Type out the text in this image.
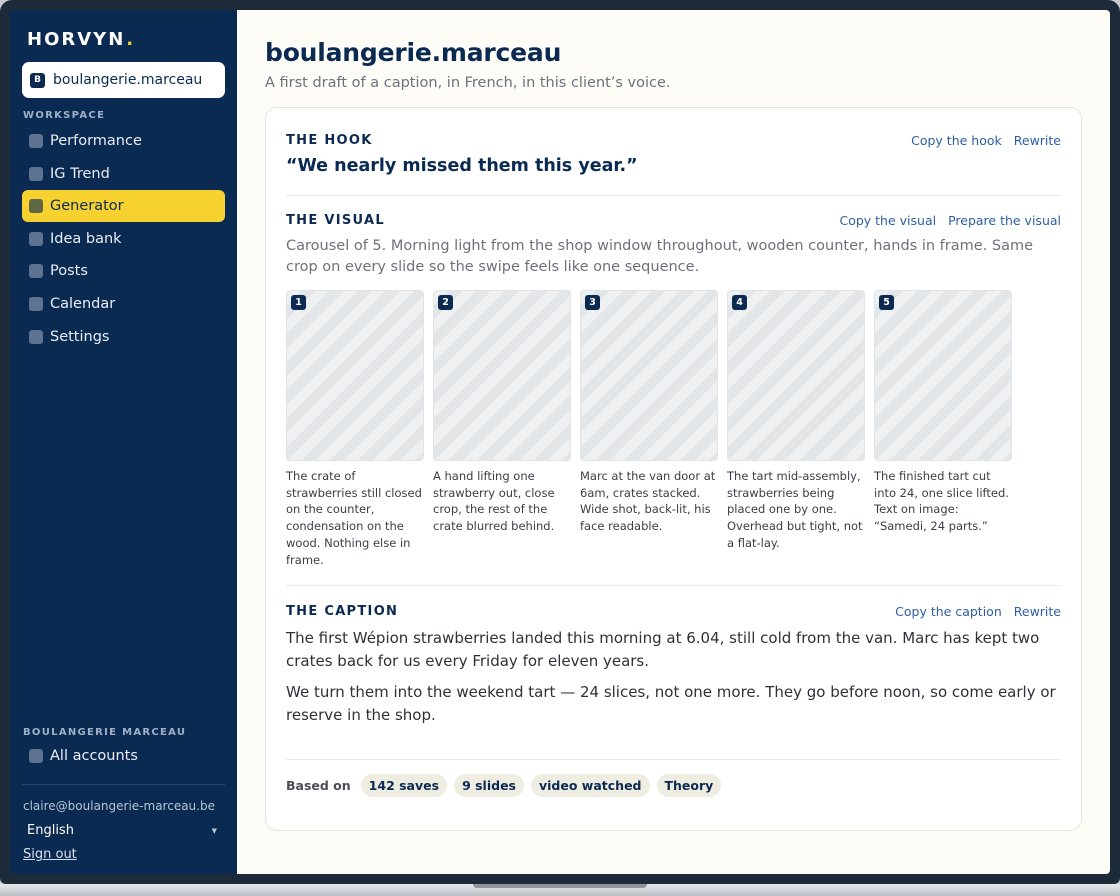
HORVYN .
B boulangerie.marceau
WORKSPACE
Performance
IG Trend
Generator
Idea bank
Posts
Calendar
Settings
BOULANGERIE MARCEAU
All accounts
claire@boulangerie-marceau.be
English	▼
Sign out
boulangerie.marceau

A first draft of a caption, in French, in this client’s voice.

THE HOOK	Copy the hook Rewrite
“We nearly missed them this year.”
THE VISUAL	Copy the visual Prepare the visual

Carousel of 5. Morning light from the shop window throughout, wooden counter, hands in frame. Same crop on every slide so the swipe feels like one sequence.

1

The crate of strawberries still closed on the counter, condensation on the wood. Nothing else in frame.

2

A hand lifting one strawberry out, close crop, the rest of the crate blurred behind.

3

Marc at the van door at 6am, crates stacked. Wide shot, back-lit, his face readable.

4

The tart mid-assembly, strawberries being placed one by one. Overhead but tight, not a flat-lay.

5

The finished tart cut into 24, one slice lifted. Text on image: “Samedi, 24 parts.”

THE CAPTION	Copy the caption Rewrite

The first Wépion strawberries landed this morning at 6.04, still cold from the van. Marc has kept two crates back for us every Friday for eleven years.

We turn them into the weekend tart — 24 slices, not one more. They go before noon, so come early or reserve in the shop.

Based on	142 saves	9 slides	video watched	Theory
